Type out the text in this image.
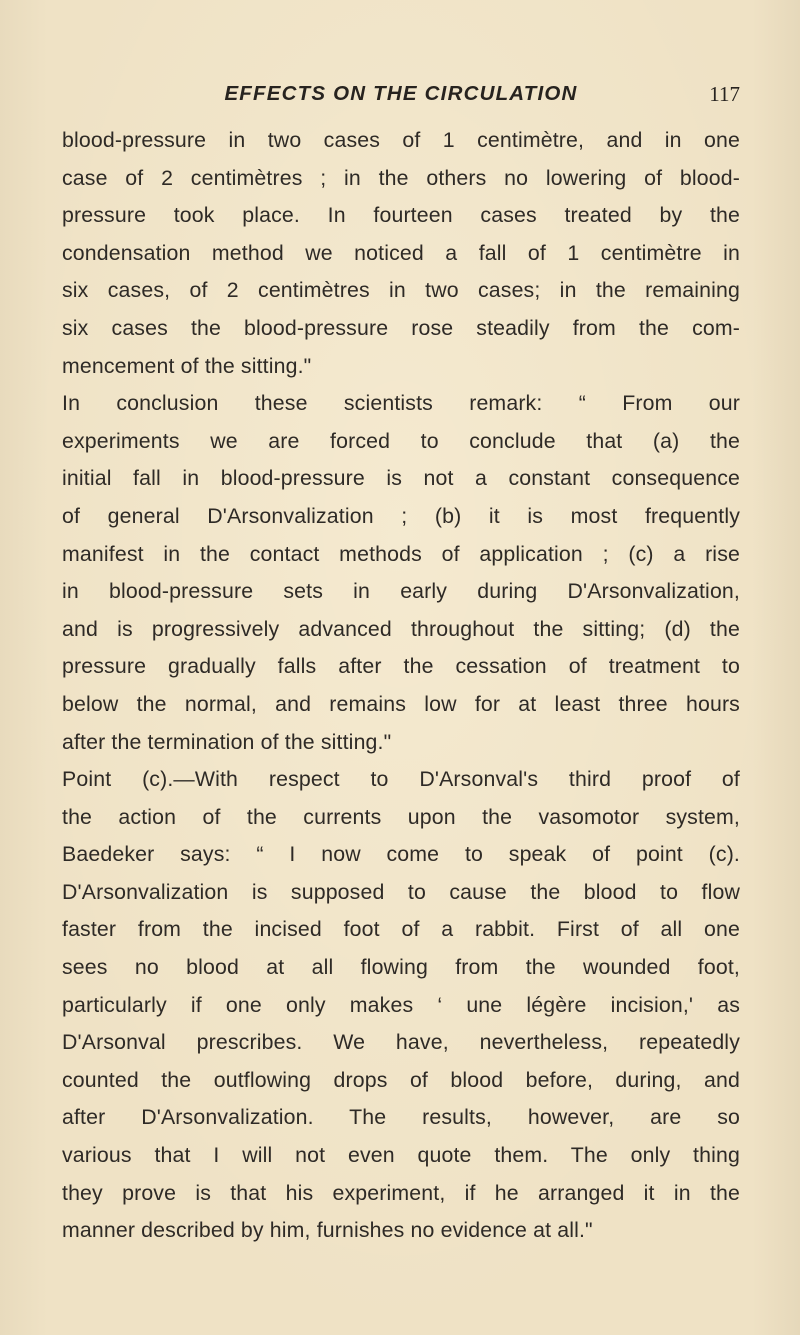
EFFECTS ON THE CIRCULATION	117
blood-pressure in two cases of 1 centimètre, and in one
case of 2 centimètres ; in the others no lowering of blood-
pressure took place. In fourteen cases treated by the
condensation method we noticed a fall of 1 centimètre in
six cases, of 2 centimètres in two cases; in the remaining
six cases the blood-pressure rose steadily from the com-
mencement of the sitting."
In conclusion these scientists remark: “ From our
experiments we are forced to conclude that (a) the
initial fall in blood-pressure is not a constant consequence
of general D'Arsonvalization ; (b) it is most frequently
manifest in the contact methods of application ; (c) a rise
in blood-pressure sets in early during D'Arsonvalization,
and is progressively advanced throughout the sitting; (d) the
pressure gradually falls after the cessation of treatment to
below the normal, and remains low for at least three hours
after the termination of the sitting."
Point (c).—With respect to D'Arsonval's third proof of
the action of the currents upon the vasomotor system,
Baedeker says: “ I now come to speak of point (c).
D'Arsonvalization is supposed to cause the blood to flow
faster from the incised foot of a rabbit. First of all one
sees no blood at all flowing from the wounded foot,
particularly if one only makes ‘ une légère incision,' as
D'Arsonval prescribes. We have, nevertheless, repeatedly
counted the outflowing drops of blood before, during, and
after D'Arsonvalization. The results, however, are so
various that I will not even quote them. The only thing
they prove is that his experiment, if he arranged it in the
manner described by him, furnishes no evidence at all."
